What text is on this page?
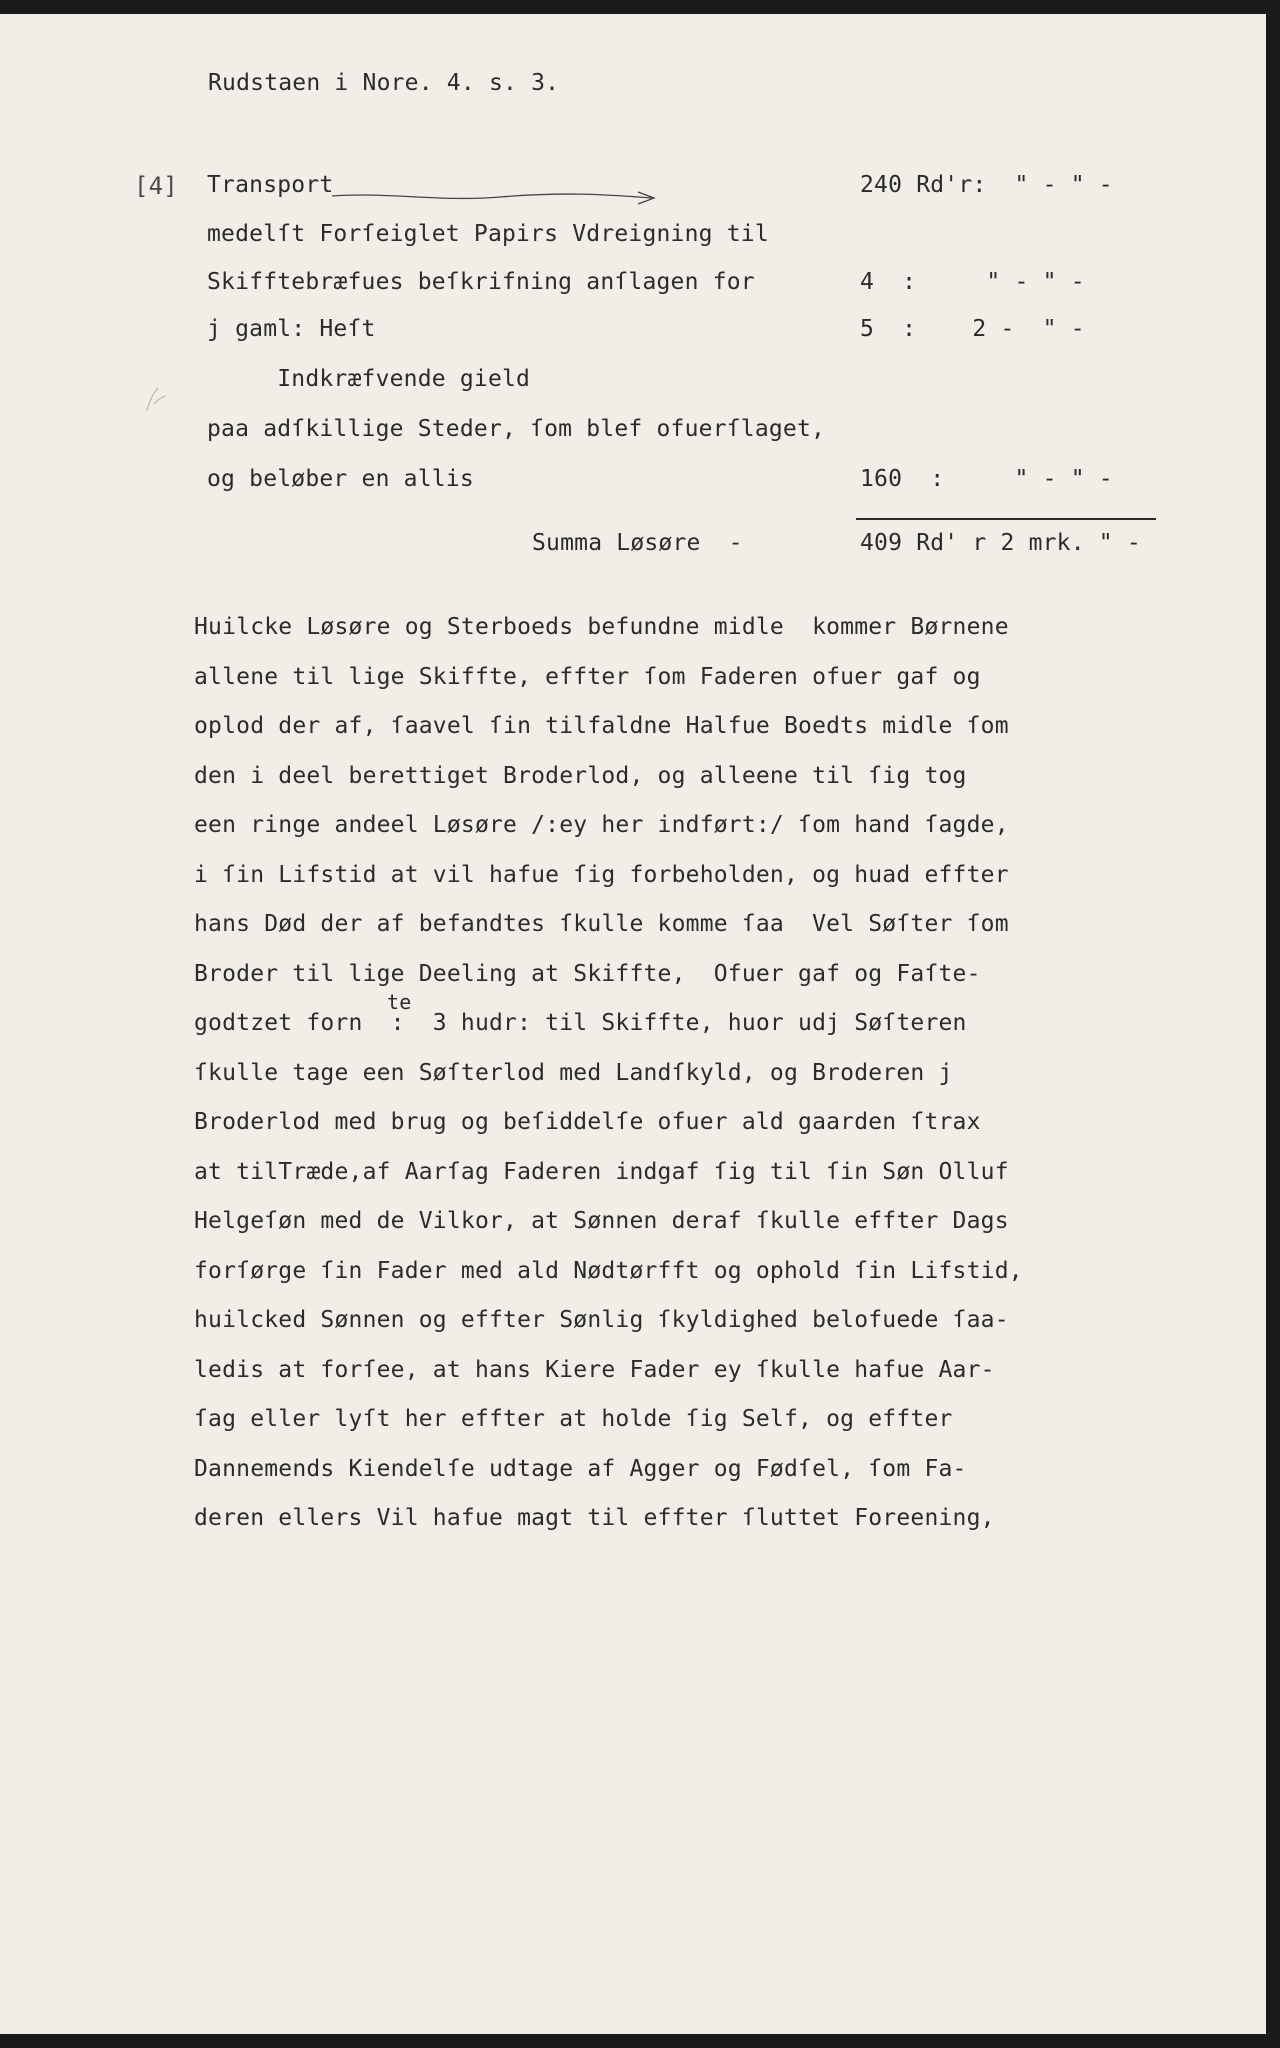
Rudstaen i Nore. 4. s. 3.
[4] Transport	240 Rd'r:  " - " -
medelſt Forſeiglet Papirs Vdreigning til
Skifftebræfues beſkrifning anſlagen for	4  :     " - " -
j gaml: Heſt	5  :    2 -  " -
Indkræfvende gield
paa adſkillige Steder, ſom blef ofuerſlaget,
og beløber en allis	160  :     " - " -
Summa Løsøre  -	409 Rd' r 2 mrk. " -
te
Huilcke Løsøre og Sterboeds befundne midle  kommer Børnene
allene til lige Skiffte, effter ſom Faderen ofuer gaf og
oplod der af, ſaavel ſin tilfaldne Halfue Boedts midle ſom
den i deel berettiget Broderlod, og alleene til ſig tog
een ringe andeel Løsøre /:ey her indført:/ ſom hand ſagde,
i ſin Lifstid at vil hafue ſig forbeholden, og huad effter
hans Død der af befandtes ſkulle komme ſaa  Vel Søſter ſom
Broder til lige Deeling at Skiffte,  Ofuer gaf og Faſte-
godtzet forn  :  3 hudr: til Skiffte, huor udj Søſteren
ſkulle tage een Søſterlod med Landſkyld, og Broderen j
Broderlod med brug og beſiddelſe ofuer ald gaarden ſtrax
at tilTræde,af Aarſag Faderen indgaf ſig til ſin Søn Olluf
Helgeſøn med de Vilkor, at Sønnen deraf ſkulle effter Dags
forſørge ſin Fader med ald Nødtørfft og ophold ſin Lifstid,
huilcked Sønnen og effter Sønlig ſkyldighed belofuede ſaa-
ledis at forſee, at hans Kiere Fader ey ſkulle hafue Aar-
ſag eller lyſt her effter at holde ſig Self, og effter
Dannemends Kiendelſe udtage af Agger og Fødſel, ſom Fa-
deren ellers Vil hafue magt til effter ſluttet Foreening,
